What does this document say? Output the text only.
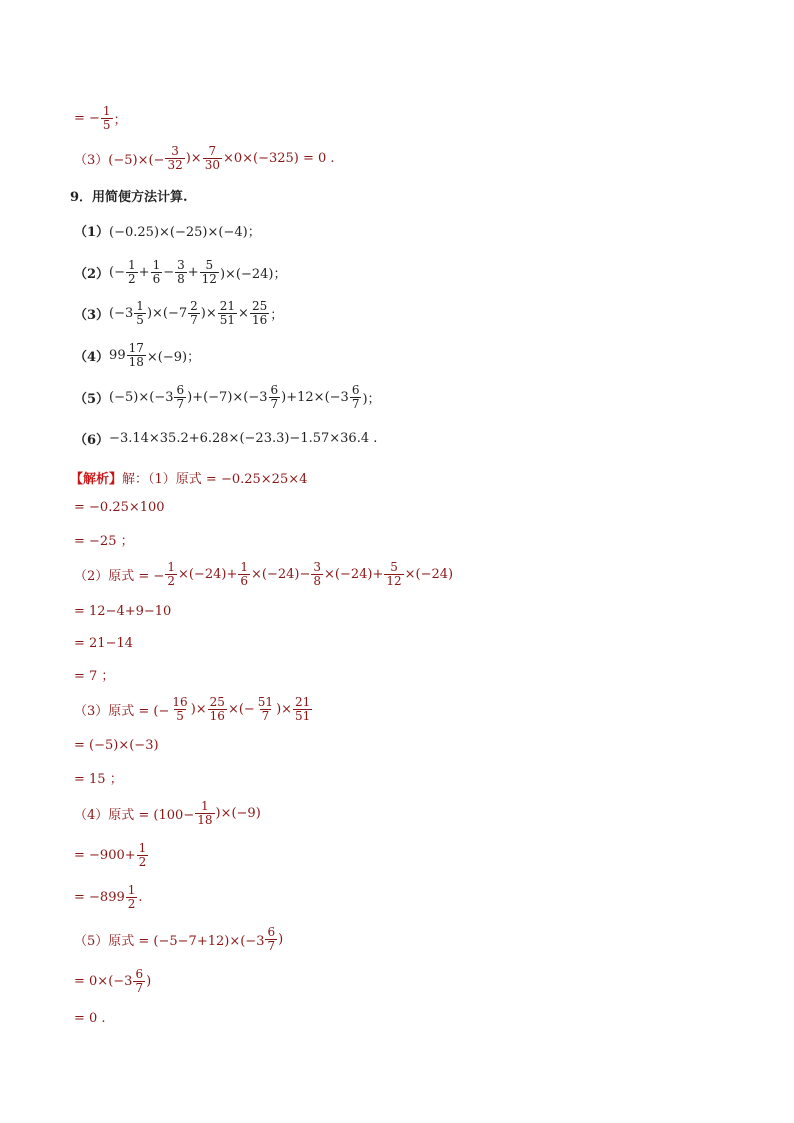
= − $\frac{1}{5}$ ；
$(3)(-5)\times(- \frac{3}{32}$ )× $\frac{7}{30} \times 0\times(-325) = 0$ .
9．用简便方法计算.
（1） (−0.25)×(−25)×(−4)；
（2） (− $\frac{1}{2} + \frac{1}{6} - \frac{3}{8} + \frac{5}{12} )\times(-24)$；
（3） $(-3 \frac{1}{5} )\times(-7 \frac{2}{7}$ )× $\frac{21}{51} \times \frac{25}{16}$ ；
（4） $99 \frac{17}{18} \times(-9)$；
（5） $(-5)\times(-3 \frac{6}{7} )+(-7)\times(-3 \frac{6}{7} )+12\times(-3 \frac{6}{7}$ )；
（6） −3.14×35.2+6.28×(−23.3)−1.57×36.4 .
【解析】 解：（1）原式 = −0.25×25×4
= −0.25×100
= −25 ；
（2）原式 = − $\frac{1}{2} \times(-24)+ \frac{1}{6} \times(-24)- \frac{3}{8} \times(-24)+ \frac{5}{12} \times(-24)$
= 12−4+9−10
= 21−14
= 7 ；
（3）原式 = (− $\frac{16}{5}$ )× $\frac{25}{16}$ ×(− $\frac{51}{7}$ )× $\frac{21}{51}$
= (−5)×(−3)
= 15 ；
（4）原式 = $(100- \frac{1}{18} )\times(-9)$
= $-900+ \frac{1}{2}$
= $-899 \frac{1}{2}$ .
（5）原式 = $(-5-7+12)\times(-3 \frac{6}{7}$ )
= $0\times(-3 \frac{6}{7}$ )
= 0 .
